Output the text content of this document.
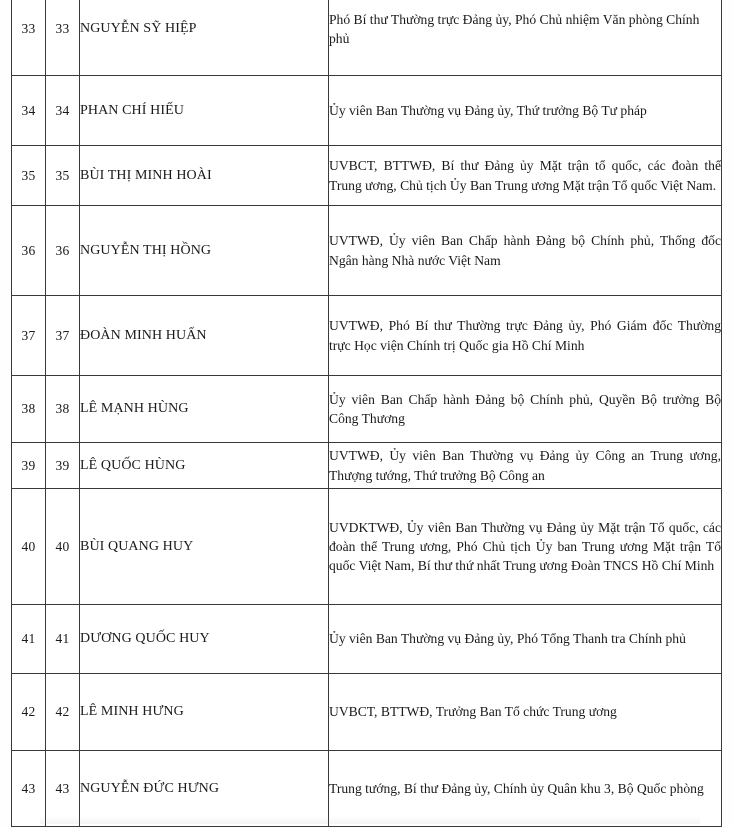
33	33	NGUYỄN SỸ HIỆP	Phó Bí thư Thường trực Đảng ủy, Phó Chủ nhiệm Văn phòng Chính phủ
34	34	PHAN CHÍ HIẾU	Ủy viên Ban Thường vụ Đảng ủy, Thứ trưởng Bộ Tư pháp
35	35	BÙI THỊ MINH HOÀI	UVBCT, BTTWĐ, Bí thư Đảng ủy Mặt trận tổ quốc, các đoàn thể Trung ương, Chủ tịch Ủy Ban Trung ương Mặt trận Tổ quốc Việt Nam.
36	36	NGUYỄN THỊ HỒNG	UVTWĐ, Ủy viên Ban Chấp hành Đảng bộ Chính phủ, Thống đốc Ngân hàng Nhà nước Việt Nam
37	37	ĐOÀN MINH HUẤN	UVTWĐ, Phó Bí thư Thường trực Đảng ủy, Phó Giám đốc Thường trực Học viện Chính trị Quốc gia Hồ Chí Minh
38	38	LÊ MẠNH HÙNG	Ủy viên Ban Chấp hành Đảng bộ Chính phủ, Quyền Bộ trưởng Bộ Công Thương
39	39	LÊ QUỐC HÙNG	UVTWĐ, Ủy viên Ban Thường vụ Đảng ủy Công an Trung ương, Thượng tướng, Thứ trưởng Bộ Công an
40	40	BÙI QUANG HUY	UVDKTWĐ, Ủy viên Ban Thường vụ Đảng ủy Mặt trận Tổ quốc, các đoàn thể Trung ương, Phó Chủ tịch Ủy ban Trung ương Mặt trận Tổ quốc Việt Nam, Bí thư thứ nhất Trung ương Đoàn TNCS Hồ Chí Minh
41	41	DƯƠNG QUỐC HUY	Ủy viên Ban Thường vụ Đảng ủy, Phó Tổng Thanh tra Chính phủ
42	42	LÊ MINH HƯNG	UVBCT, BTTWĐ, Trưởng Ban Tổ chức Trung ương
43	43	NGUYỄN ĐỨC HƯNG	Trung tướng, Bí thư Đảng ủy, Chính ủy Quân khu 3, Bộ Quốc phòng
